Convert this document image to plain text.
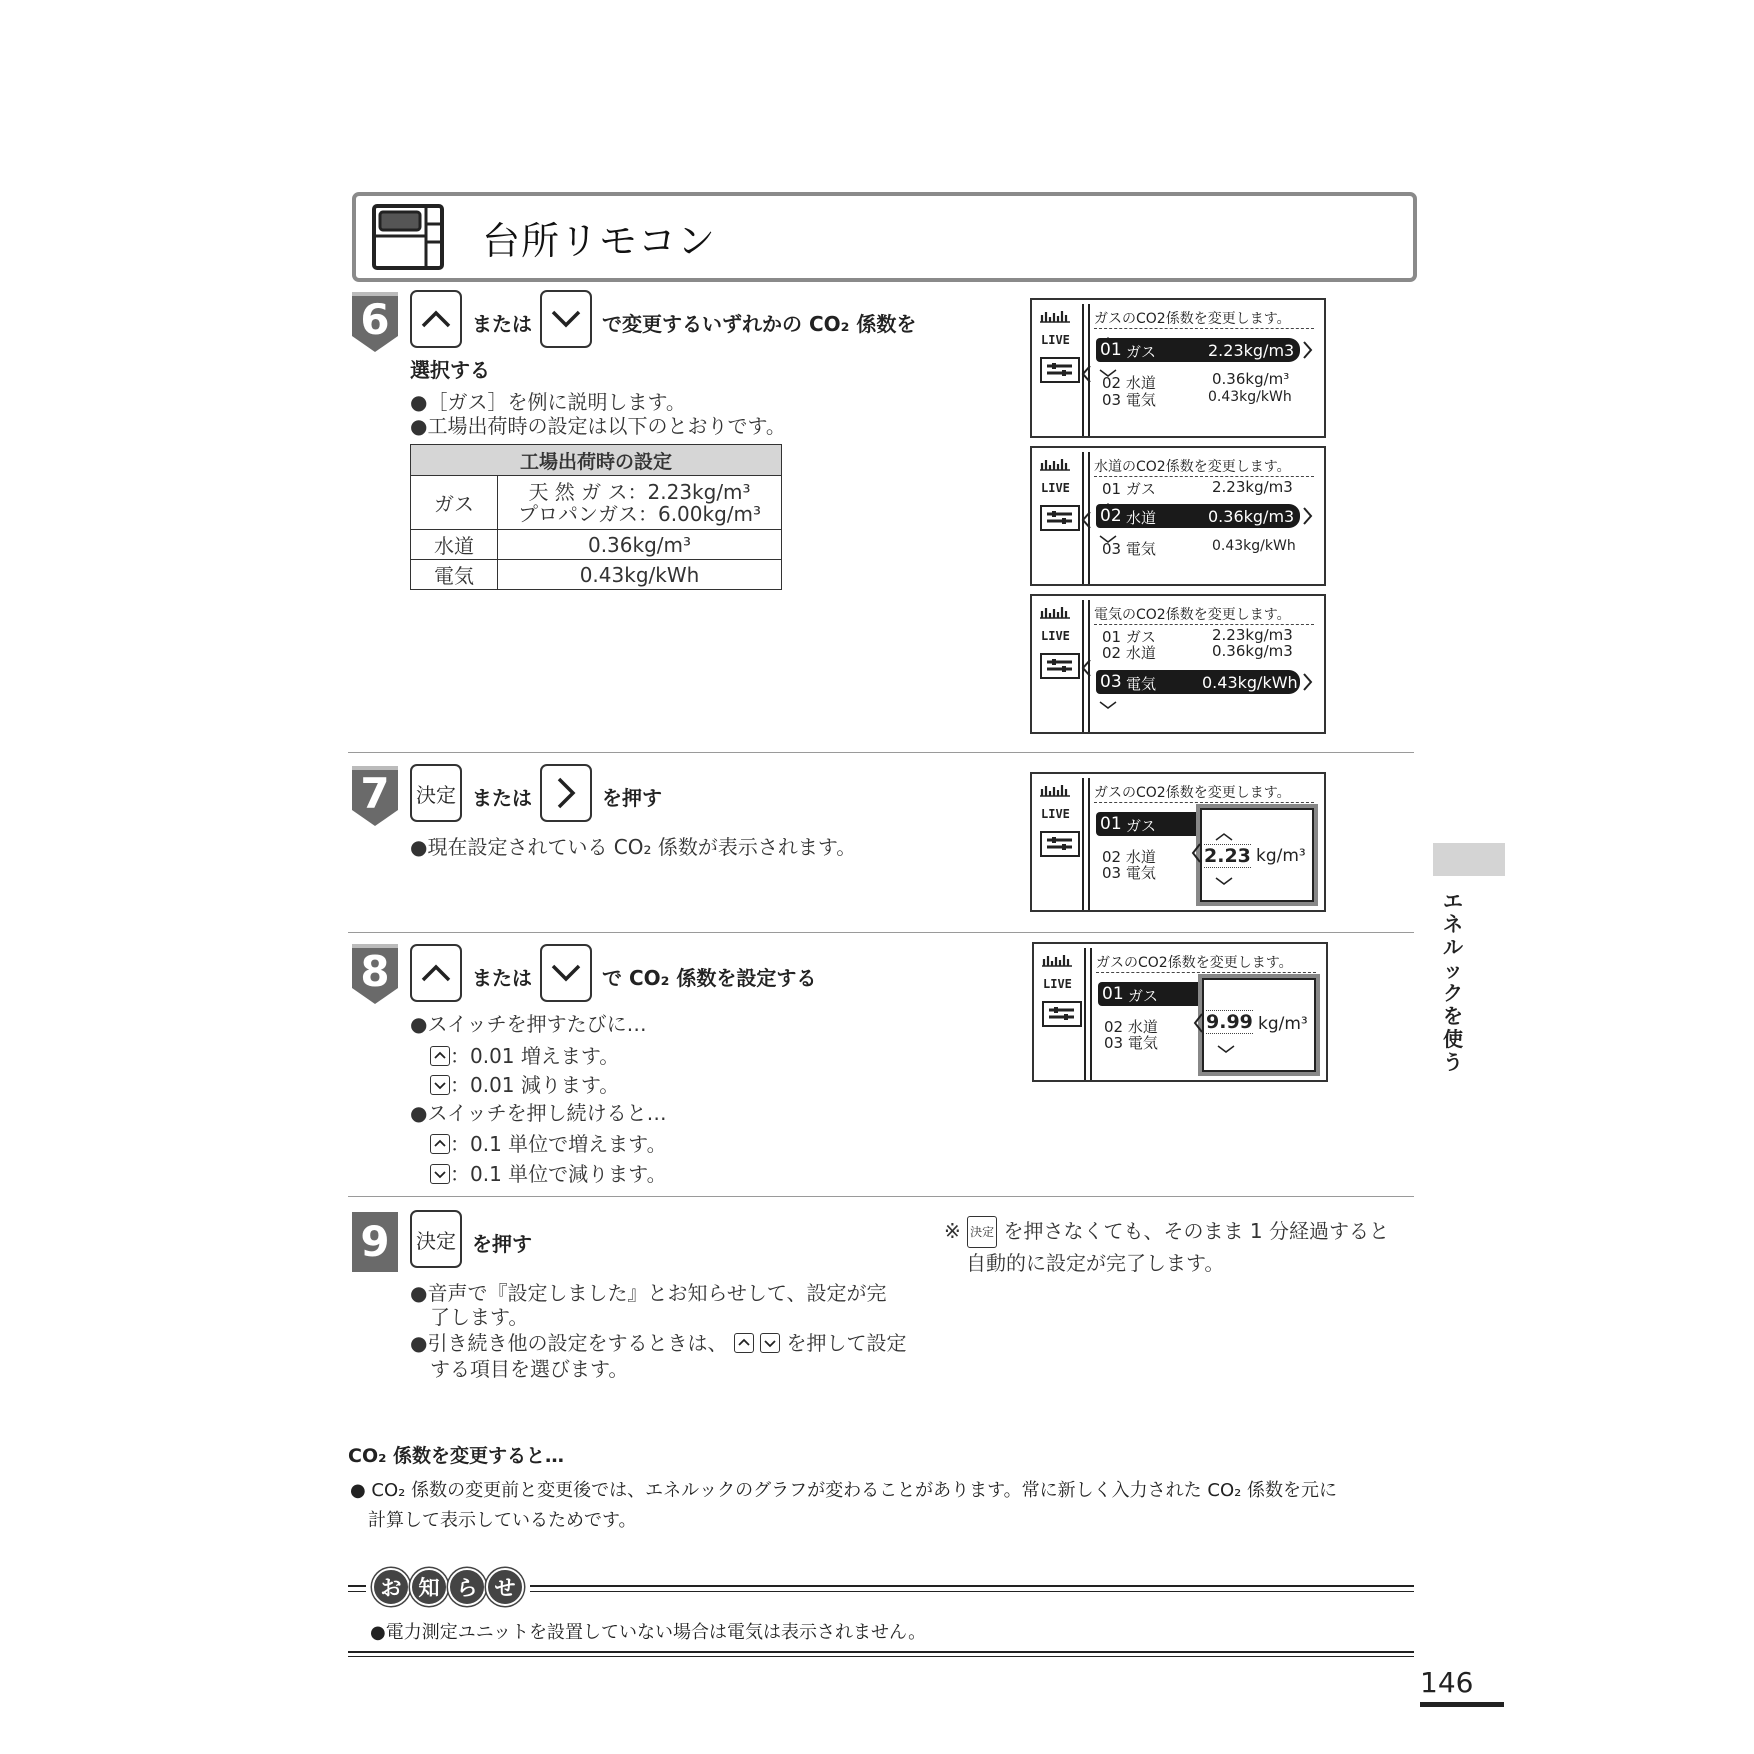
台所リモコン
6	または	で変更するいずれかの CO₂ 係数を
選択する
●［ガス］を例に説明します。
●工場出荷時の設定は以下のとおりです。
工場出荷時の設定	
ガス	天 然 ガ ス：2.23kg/m³
プロパンガス：6.00kg/m³

水道	0.36kg/m³
電気	0.43kg/kWh
LIVE
ガスのCO2係数を変更します。
01 ガス	2.23kg/m3
02 水道	0.36kg/m³
03 電気	0.43kg/kWh
LIVE
水道のCO2係数を変更します。
01 ガス	2.23kg/m3
02 水道	0.36kg/m3
03 電気	0.43kg/kWh
LIVE
電気のCO2係数を変更します。
01 ガス	2.23kg/m3
02 水道	0.36kg/m3
03 電気	0.43kg/kWh
7	決定 または	を押す
●現在設定されている CO₂ 係数が表示されます。
LIVE
ガスのCO2係数を変更します。
01 ガス
02 水道
03 電気
2.23 kg/m³
8	または	で CO₂ 係数を設定する
●スイッチを押すたびに…
：0.01 増えます。
：0.01 減ります。
●スイッチを押し続けると…
：0.1 単位で増えます。
：0.1 単位で減ります。
LIVE
ガスのCO2係数を変更します。
01 ガス
02 水道
03 電気
9.99 kg/m³
9	決定 を押す
●音声で『設定しました』とお知らせして、設定が完
了します。
●引き続き他の設定をするときは、
	を押して設定
する項目を選びます。
※ 決定 を押さなくても、そのまま 1 分経過すると
自動的に設定が完了します。
CO₂ 係数を変更すると…
● CO₂ 係数の変更前と変更後では、エネルックのグラフが変わることがあります。常に新しく入力された CO₂ 係数を元に
計算して表示しているためです。
お 知 ら せ
●電力測定ユニットを設置していない場合は電気は表示されません。
エ
ネ
ル
ッ
ク
を
使
う
146
